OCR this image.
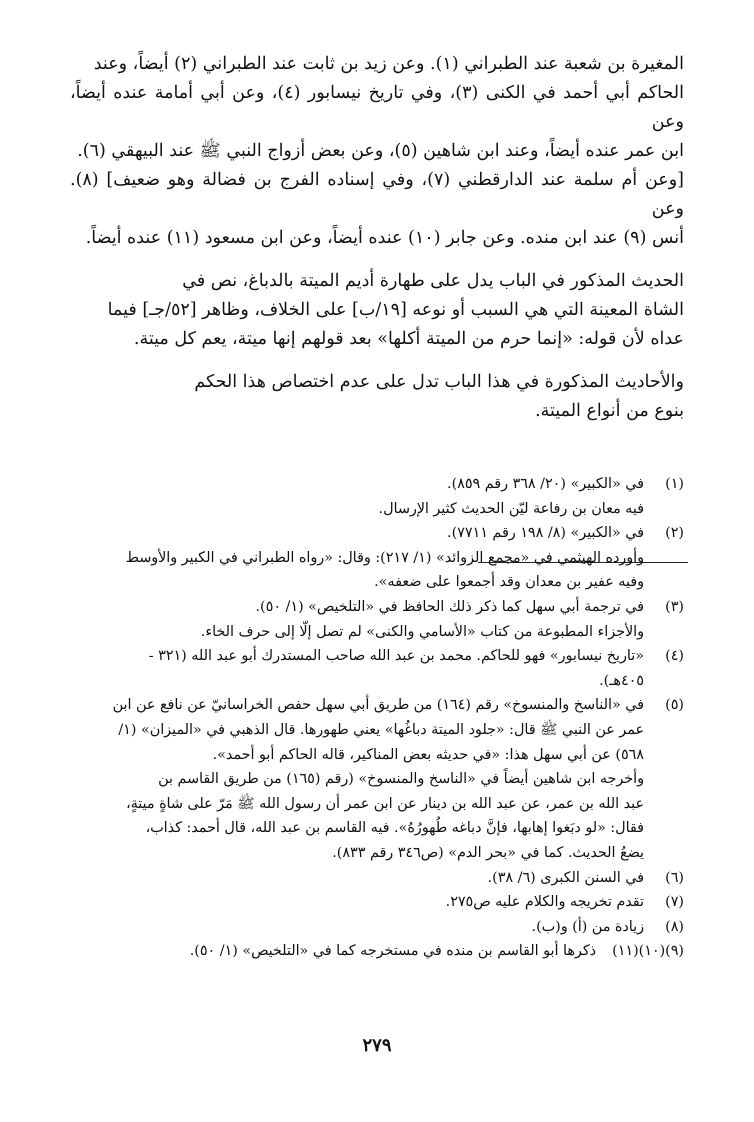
المغيرة بن شعبة عند الطبراني (١). وعن زيد بن ثابت عند الطبراني (٢) أيضاً، وعند
الحاكم أبي أحمد في الكنى (٣)، وفي تاريخ نيسابور (٤)، وعن أبي أمامة عنده أيضاً، وعن
ابن عمر عنده أيضاً، وعند ابن شاهين (٥)، وعن بعض أزواج النبي ﷺ عند البيهقي (٦).
[وعن أم سلمة عند الدارقطني (٧)، وفي إسناده الفرج بن فضالة وهو ضعيف] (٨). وعن
أنس (٩) عند ابن منده. وعن جابر (١٠) عنده أيضاً، وعن ابن مسعود (١١) عنده أيضاً.
الحديث المذكور في الباب يدل على طهارة أديم الميتة بالدباغ، نص في
الشاة المعينة التي هي السبب أو نوعه [١٩/ب] على الخلاف، وظاهر [٥٢/جـ] فيما
عداه لأن قوله: «إنما حرم من الميتة أكلها» بعد قولهم إنها ميتة، يعم كل ميتة.
والأحاديث المذكورة في هذا الباب تدل على عدم اختصاص هذا الحكم
بنوع من أنواع الميتة.
(١)
في «الكبير» (٢٠/ ٣٦٨ رقم ٨٥٩).
فيه معان بن رفاعة ليّن الحديث كثير الإرسال.
(٢)
في «الكبير» (٨/ ١٩٨ رقم ٧٧١١).
وأورده الهيثمي في «مجمع الزوائد» (١/ ٢١٧): وقال: «رواه الطبراني في الكبير والأوسط
وفيه عفير بن معدان وقد أجمعوا على ضعفه».
(٣)
في ترجمة أبي سهل كما ذكر ذلك الحافظ في «التلخيص» (١/ ٥٠).
والأجزاء المطبوعة من كتاب «الأسامي والكنى» لم تصل إلّا إلى حرف الخاء.
(٤)
«تاريخ نيسابور» فهو للحاكم. محمد بن عبد الله صاحب المستدرك أبو عبد الله (٣٢١ -
٤٠٥هـ).
(٥)
في «الناسخ والمنسوخ» رقم (١٦٤) من طريق أبي سهل حفص الخراسانيّ عن نافع عن ابن
عمر عن النبي ﷺ قال: «جلود الميتة دباغُها» يعني طهورها. قال الذهبي في «الميزان» (١/
٥٦٨) عن أبي سهل هذا: «في حديثه بعض المناكير، قاله الحاكم أبو أحمد».
وأخرجه ابن شاهين أيضاً في «الناسخ والمنسوخ» (رقم (١٦٥) من طريق القاسم بن
عبد الله بن عمر، عن عبد الله بن دينار عن ابن عمر أن رسول الله ﷺ مَرّ على شاةٍ ميتةٍ،
فقال: «لو دبَغوا إهابها، فإنَّ دباغه طُهورُهُ». فيه القاسم بن عبد الله، قال أحمد: كذاب،
يضعُ الحديث. كما في «بحر الدم» (ص٣٤٦ رقم ٨٣٣).
(٦)
في السنن الكبرى (٦/ ٣٨).
(٧)
تقدم تخريجه والكلام عليه ص٢٧٥.
(٨)
زيادة من (أ) و(ب).
(٩)(١٠)(١١)
ذكرها أبو القاسم بن منده في مستخرجه كما في «التلخيص» (١/ ٥٠).
٢٧٩
